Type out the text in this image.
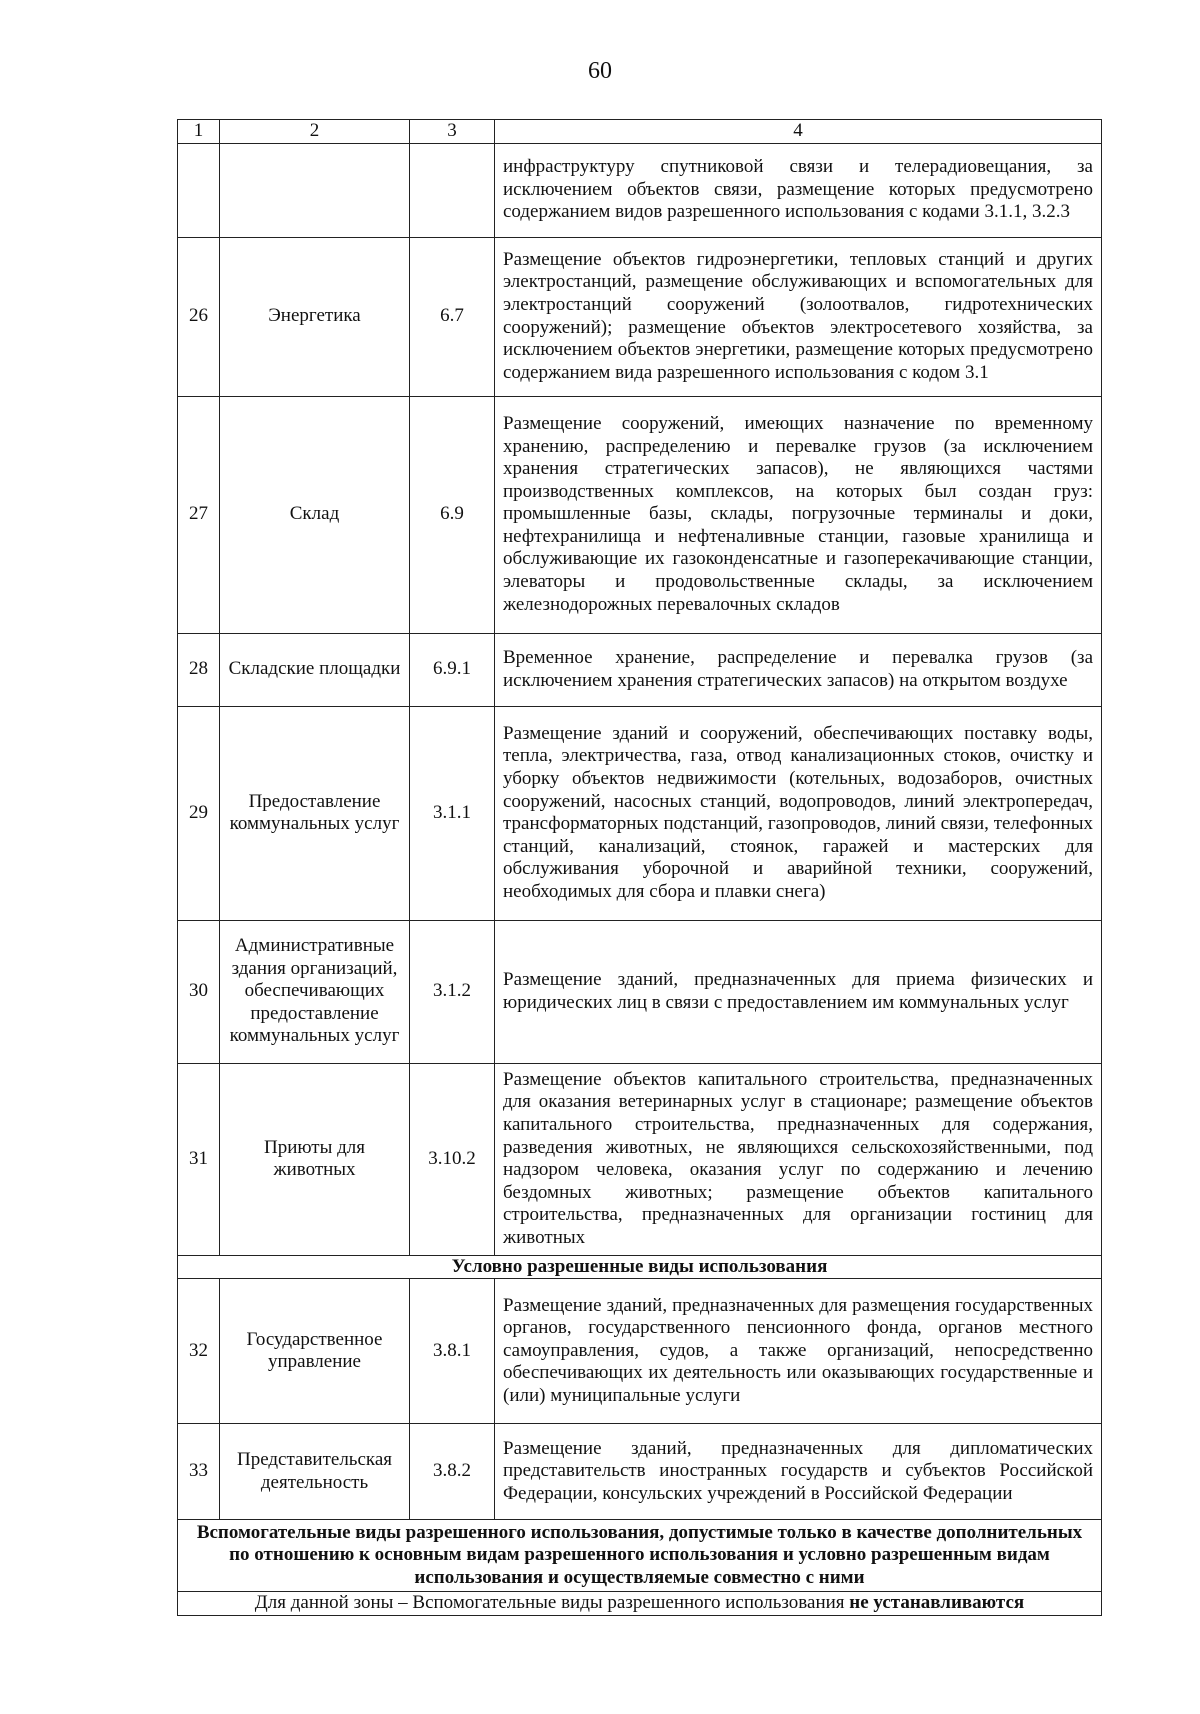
60
1	2	3	4
			инфраструктуру спутниковой связи и телерадиовещания, за исключением объектов связи, размещение которых предусмотрено содержанием видов разрешенного использования с кодами 3.1.1, 3.2.3
26	Энергетика	6.7	Размещение объектов гидроэнергетики, тепловых станций и других электростанций, размещение обслуживающих и вспомогательных для электростанций сооружений (золоотвалов, гидротехнических сооружений); размещение объектов электросетевого хозяйства, за исключением объектов энергетики, размещение которых предусмотрено содержанием вида разрешенного использования с кодом 3.1
27	Склад	6.9	Размещение сооружений, имеющих назначение по временному хранению, распределению и перевалке грузов (за исключением хранения стратегических запасов), не являющихся частями производственных комплексов, на которых был создан груз: промышленные базы, склады, погрузочные терминалы и доки, нефтехранилища и нефтеналивные станции, газовые хранилища и обслуживающие их газоконденсатные и газоперекачивающие станции, элеваторы и продовольственные склады, за исключением железнодорожных перевалочных складов
28	Складские площадки	6.9.1	Временное хранение, распределение и перевалка грузов (за исключением хранения стратегических запасов) на открытом воздухе
29	Предоставление коммунальных услуг	3.1.1	Размещение зданий и сооружений, обеспечивающих поставку воды, тепла, электричества, газа, отвод канализационных стоков, очистку и уборку объектов недвижимости (котельных, водозаборов, очистных сооружений, насосных станций, водопроводов, линий электропередач, трансформаторных подстанций, газопроводов, линий связи, телефонных станций, канализаций, стоянок, гаражей и мастерских для обслуживания уборочной и аварийной техники, сооружений, необходимых для сбора и плавки снега)
30	Административные здания организаций, обеспечивающих предоставление коммунальных услуг	3.1.2	Размещение зданий, предназначенных для приема физических и юридических лиц в связи с предоставлением им коммунальных услуг
31	Приюты для животных	3.10.2	Размещение объектов капитального строительства, предназначенных для оказания ветеринарных услуг в стационаре; размещение объектов капитального строительства, предназначенных для содержания, разведения животных, не являющихся сельскохозяйственными, под надзором человека, оказания услуг по содержанию и лечению бездомных животных; размещение объектов капитального строительства, предназначенных для организации гостиниц для животных
Условно разрешенные виды использования			
32	Государственное управление	3.8.1	Размещение зданий, предназначенных для размещения государственных органов, государственного пенсионного фонда, органов местного самоуправления, судов, а также организаций, непосредственно обеспечивающих их деятельность или оказывающих государственные и (или) муниципальные услуги
33	Представительская деятельность	3.8.2	Размещение зданий, предназначенных для дипломатических представительств иностранных государств и субъектов Российской Федерации, консульских учреждений в Российской Федерации
Вспомогательные виды разрешенного использования, допустимые только в качестве дополнительных по отношению к основным видам разрешенного использования и условно разрешенным видам использования и осуществляемые совместно с ними			
Для данной зоны – Вспомогательные виды разрешенного использования не устанавливаются			
